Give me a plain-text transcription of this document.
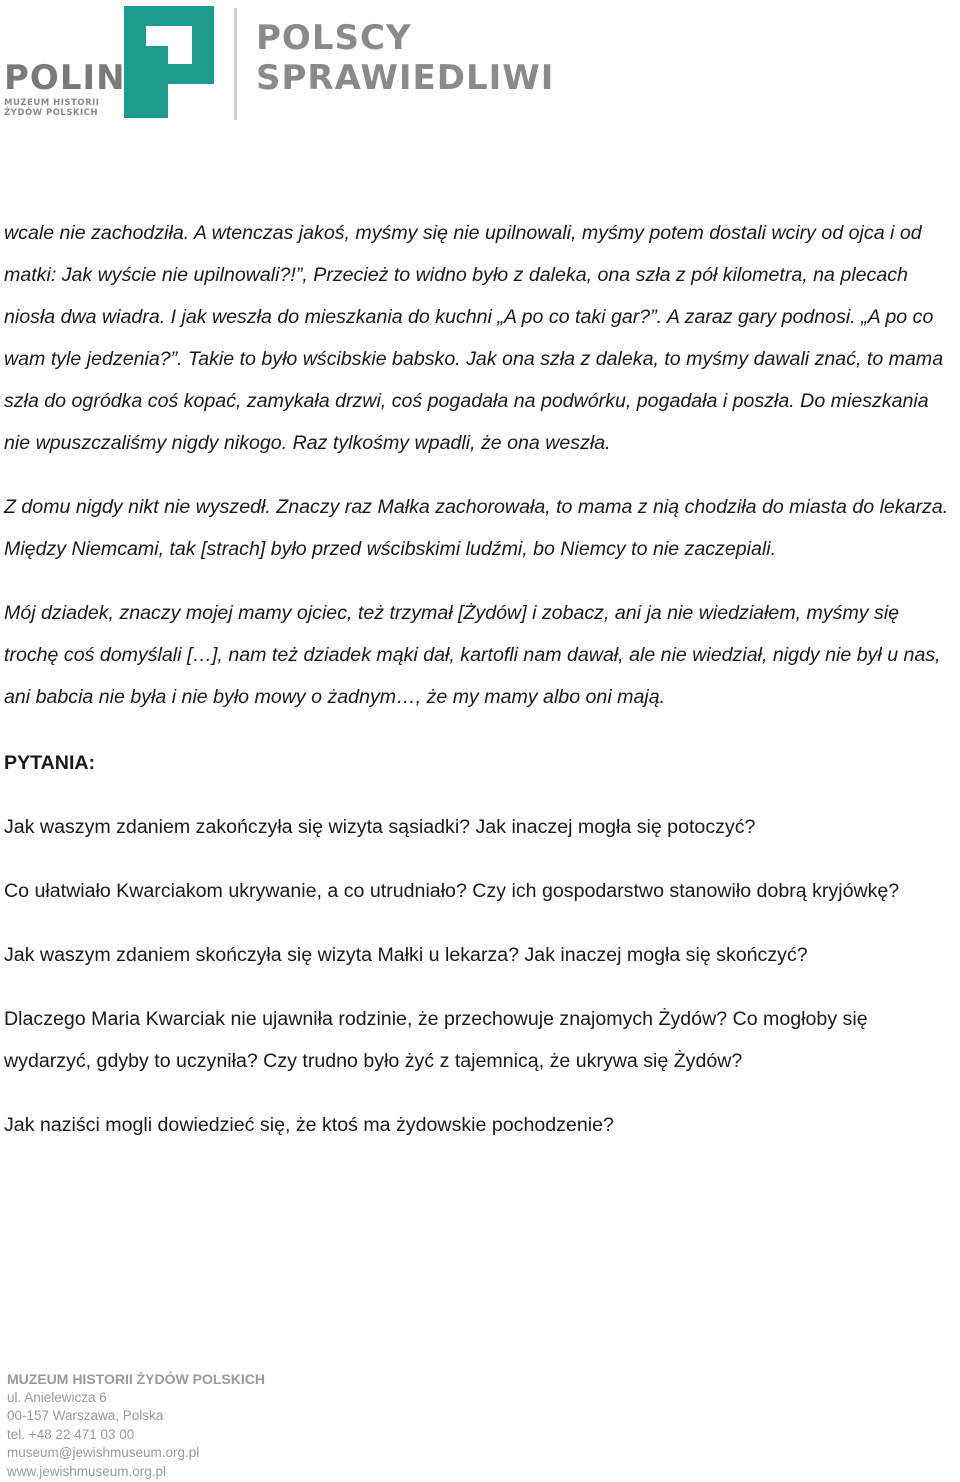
POLIN
MUZEUM HISTORII
ŻYDÓW POLSKICH
POLSCY
SPRAWIEDLIWI

wcale nie zachodziła. A wtenczas jakoś, myśmy się nie upilnowali, myśmy potem dostali wciry od ojca i od matki: Jak wyście nie upilnowali?!”, Przecież to widno było z daleka, ona szła z pół kilometra, na plecach niosła dwa wiadra. I jak weszła do mieszkania do kuchni „A po co taki gar?”. A zaraz gary podnosi. „A po co wam tyle jedzenia?”. Takie to było wścibskie babsko. Jak ona szła z daleka, to myśmy dawali znać, to mama szła do ogródka coś kopać, zamykała drzwi, coś pogadała na podwórku, pogadała i poszła. Do mieszkania nie wpuszczaliśmy nigdy nikogo. Raz tylkośmy wpadli, że ona weszła.

Z domu nigdy nikt nie wyszedł. Znaczy raz Małka zachorowała, to mama z nią chodziła do miasta do lekarza. Między Niemcami, tak [strach] było przed wścibskimi ludźmi, bo Niemcy to nie zaczepiali.

Mój dziadek, znaczy mojej mamy ojciec, też trzymał [Żydów] i zobacz, ani ja nie wiedziałem, myśmy się trochę coś domyślali […], nam też dziadek mąki dał, kartofli nam dawał, ale nie wiedział, nigdy nie był u nas, ani babcia nie była i nie było mowy o żadnym…, że my mamy albo oni mają.

PYTANIA:

Jak waszym zdaniem zakończyła się wizyta sąsiadki? Jak inaczej mogła się potoczyć?

Co ułatwiało Kwarciakom ukrywanie, a co utrudniało? Czy ich gospodarstwo stanowiło dobrą kryjówkę?

Jak waszym zdaniem skończyła się wizyta Małki u lekarza? Jak inaczej mogła się skończyć?

Dlaczego Maria Kwarciak nie ujawniła rodzinie, że przechowuje znajomych Żydów? Co mogłoby się wydarzyć, gdyby to uczyniła? Czy trudno było żyć z tajemnicą, że ukrywa się Żydów?

Jak naziści mogli dowiedzieć się, że ktoś ma żydowskie pochodzenie?

MUZEUM HISTORII ŻYDÓW POLSKICH
ul. Anielewicza 6
00-157 Warszawa, Polska
tel. +48 22 471 03 00
museum@jewishmuseum.org.pl
www.jewishmuseum.org.pl
